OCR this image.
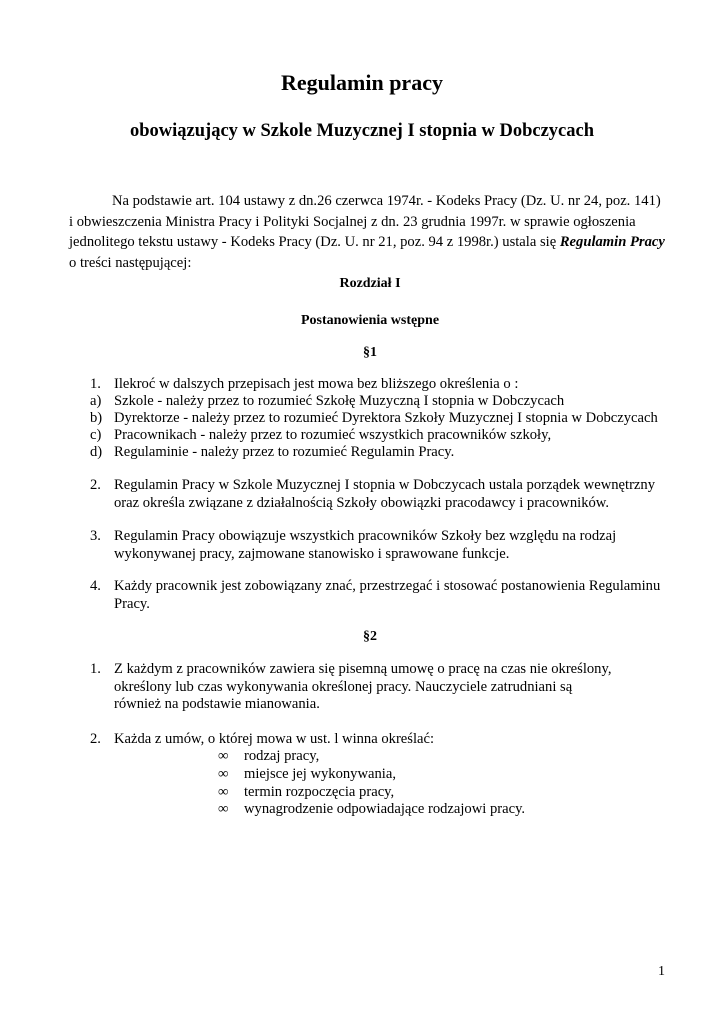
Regulamin pracy
obowiązujący w Szkole Muzycznej I stopnia w Dobczycach

Na podstawie art. 104 ustawy z dn.26 czerwca 1974r. - Kodeks Pracy (Dz. U. nr 24, poz. 141)
i obwieszczenia Ministra Pracy i Polityki Socjalnej z dn. 23 grudnia 1997r. w sprawie ogłoszenia
jednolitego tekstu ustawy - Kodeks Pracy (Dz. U. nr 21, poz. 94 z 1998r.) ustala się Regulamin Pracy
o treści następującej:

Rozdział I

Postanowienia wstępne

§1

1. Ilekroć w dalszych przepisach jest mowa bez bliższego określenia o :
a) Szkole - należy przez to rozumieć Szkołę Muzyczną I stopnia w Dobczycach
b) Dyrektorze - należy przez to rozumieć Dyrektora Szkoły Muzycznej I stopnia w Dobczycach
c) Pracownikach - należy przez to rozumieć wszystkich pracowników szkoły,
d) Regulaminie - należy przez to rozumieć Regulamin Pracy.
2. Regulamin Pracy w Szkole Muzycznej I stopnia w Dobczycach ustala porządek wewnętrzny
oraz określa związane z działalnością Szkoły obowiązki pracodawcy i pracowników.
3. Regulamin Pracy obowiązuje wszystkich pracowników Szkoły bez względu na rodzaj
wykonywanej pracy, zajmowane stanowisko i sprawowane funkcje.
4. Każdy pracownik jest zobowiązany znać, przestrzegać i stosować postanowienia Regulaminu
Pracy.

§2

1. Z każdym z pracowników zawiera się pisemną umowę o pracę na czas nie określony,
określony lub czas wykonywania określonej pracy. Nauczyciele zatrudniani są
również na podstawie mianowania.
2. Każda z umów, o której mowa w ust. l winna określać:
∞ rodzaj pracy,
∞ miejsce jej wykonywania,
∞ termin rozpoczęcia pracy,
∞ wynagrodzenie odpowiadające rodzajowi pracy.
1
